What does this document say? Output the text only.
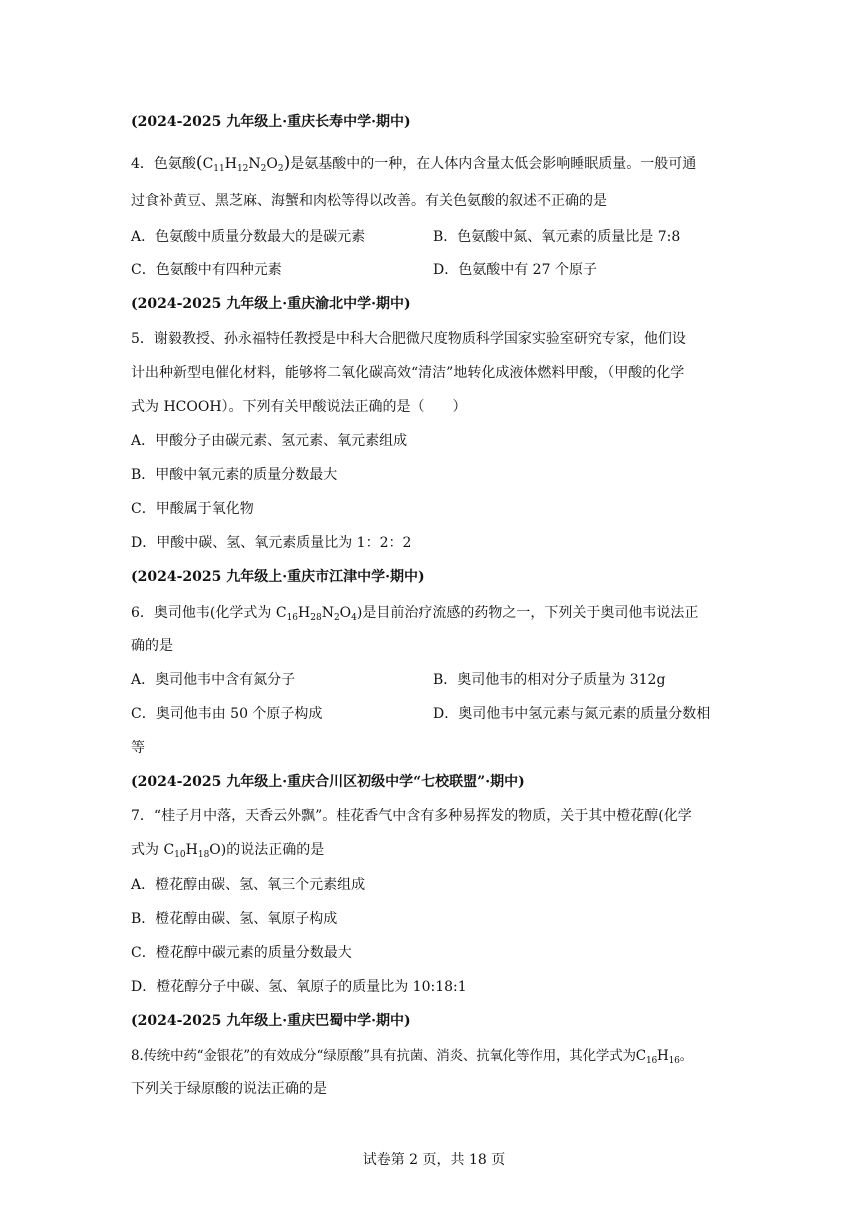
(2024-2025 九年级上·重庆长寿中学·期中)
4．色氨酸$(C_{11}H_{12}N_2O_2)$是氨基酸中的一种，在人体内含量太低会影响睡眠质量。一般可通
过食补黄豆、黑芝麻、海蟹和肉松等得以改善。有关色氨酸的叙述不正确的是
A．色氨酸中质量分数最大的是碳元素	B．色氨酸中氮、氧元素的质量比是 7:8
C．色氨酸中有四种元素	D．色氨酸中有 27 个原子
(2024-2025 九年级上·重庆渝北中学·期中)
5．谢毅教授、孙永福特任教授是中科大合肥微尺度物质科学国家实验室研究专家，他们设
计出种新型电催化材料，能够将二氧化碳高效“清洁”地转化成液体燃料甲酸，（甲酸的化学
式为 HCOOH）。下列有关甲酸说法正确的是（　　）
A．甲酸分子由碳元素、氢元素、氧元素组成
B．甲酸中氧元素的质量分数最大
C．甲酸属于氧化物
D．甲酸中碳、氢、氧元素质量比为 1：2：2
(2024-2025 九年级上·重庆市江津中学·期中)
6．奥司他韦(化学式为 $C_{16}H_{28}N_2O_4$)是目前治疗流感的药物之一，下列关于奥司他韦说法正
确的是
A．奥司他韦中含有氮分子	B．奥司他韦的相对分子质量为 312g
C．奥司他韦由 50 个原子构成	D．奥司他韦中氢元素与氮元素的质量分数相
等
(2024-2025 九年级上·重庆合川区初级中学“七校联盟”·期中)
7．“桂子月中落，天香云外飘”。桂花香气中含有多种易挥发的物质，关于其中橙花醇(化学
式为 $C_{10}H_{18}O$)的说法正确的是
A．橙花醇由碳、氢、氧三个元素组成
B．橙花醇由碳、氢、氧原子构成
C．橙花醇中碳元素的质量分数最大
D．橙花醇分子中碳、氢、氧原子的质量比为 10:18:1
(2024-2025 九年级上·重庆巴蜀中学·期中)
8.传统中药“金银花”的有效成分“绿原酸”具有抗菌、消炎、抗氧化等作用，其化学式为$C_{16}H_{16}$。
下列关于绿原酸的说法正确的是
试卷第 2 页，共 18 页
